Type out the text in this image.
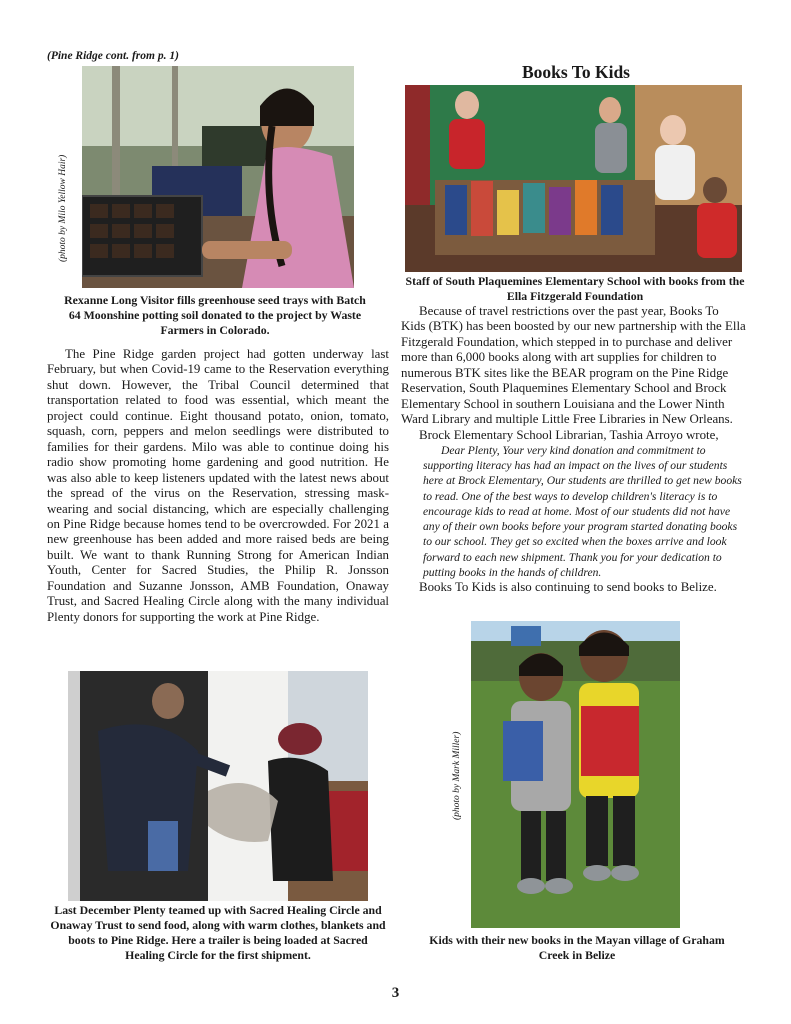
(Pine Ridge cont. from p. 1)
(photo by Milo Yellow Hair)
Rexanne Long Visitor fills greenhouse seed trays with Batch 64 Moonshine potting soil donated to the project by Waste Farmers in Colorado.

The Pine Ridge garden project had gotten underway last February, but when Covid-19 came to the Reservation everything shut down. However, the Tribal Council determined that transportation related to food was essential, which meant the project could continue. Eight thousand potato, onion, tomato, squash, corn, peppers and melon seedlings were distributed to families for their gardens. Milo was able to continue doing his radio show promoting home gardening and good nutrition. He was also able to keep listeners updated with the latest news about the spread of the virus on the Reservation, stressing mask-wearing and social distancing, which are especially challenging on Pine Ridge because homes tend to be overcrowded. For 2021 a new greenhouse has been added and more raised beds are being built. We want to thank Running Strong for American Indian Youth, Center for Sacred Studies, the Philip R. Jonsson Foundation and Suzanne Jonsson, AMB Foundation, Onaway Trust, and Sacred Healing Circle along with the many individual Plenty donors for supporting the work at Pine Ridge.

Last December Plenty teamed up with Sacred Healing Circle and Onaway Trust to send food, along with warm clothes, blankets and boots to Pine Ridge. Here a trailer is being loaded at Sacred Healing Circle for the first shipment.
Books To Kids
Staff of South Plaquemines Elementary School with books from the Ella Fitzgerald Foundation

Because of travel restrictions over the past year, Books To Kids (BTK) has been boosted by our new partnership with the Ella Fitzgerald Foundation, which stepped in to purchase and deliver more than 6,000 books along with art supplies for children to numerous BTK sites like the BEAR program on the Pine Ridge Reservation, South Plaquemines Elementary School and Brock Elementary School in southern Louisiana and the Lower Ninth Ward Library and multiple Little Free Libraries in New Orleans.

Brock Elementary School Librarian, Tashia Arroyo wrote,

Dear Plenty, Your very kind donation and commitment to supporting literacy has had an impact on the lives of our students here at Brock Elementary, Our students are thrilled to get new books to read. One of the best ways to develop children's literacy is to encourage kids to read at home. Most of our students did not have any of their own books before your program started donating books to our school. They get so excited when the boxes arrive and look forward to each new shipment. Thank you for your dedication to putting books in the hands of children.

Books To Kids is also continuing to send books to Belize.

(photo by Mark Miller)
Kids with their new books in the Mayan village of Graham Creek in Belize
3
